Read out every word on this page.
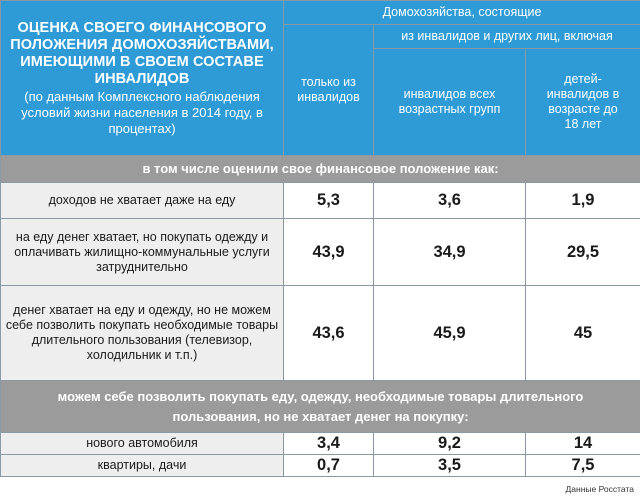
ОЦЕНКА СВОЕГО ФИНАНСОВОГО ПОЛОЖЕНИЯ ДОМОХОЗЯЙСТВАМИ, ИМЕЮЩИМИ В СВОЕМ СОСТАВЕ ИНВАЛИДОВ
(по данным Комплексного наблюдения условий жизни населения в 2014 году, в процентах)	Домохозяйства, состоящие		
	только из инвалидов	из инвалидов и других лиц, включая	
		инвалидов всех возрастных групп	детей-инвалидов в возрасте до 18 лет
в том числе оценили свое финансовое положение как:			
доходов не хватает даже на еду	5,3	3,6	1,9
на еду денег хватает, но покупать одежду и оплачивать жилищно-коммунальные услуги затруднительно	43,9	34,9	29,5
денег хватает на еду и одежду, но не можем себе позволить покупать необходимые товары длительного пользования (телевизор, холодильник и т.п.)	43,6	45,9	45
можем себе позволить покупать еду, одежду, необходимые товары длительного пользования, но не хватает денег на покупку:			
нового автомобиля	3,4	9,2	14
квартиры, дачи	0,7	3,5	7,5
Данные Росстата
